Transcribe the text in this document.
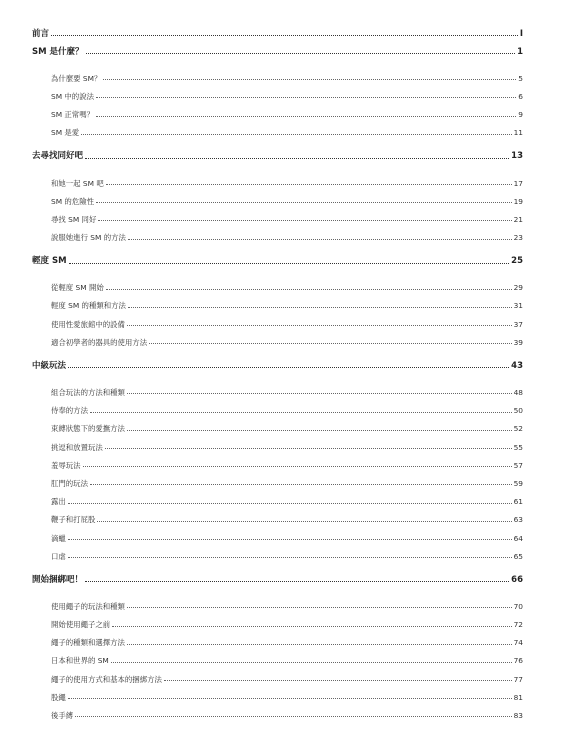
前言	I
SM 是什麼？	1
為什麼要 SM？	5
SM 中的說法	6
SM 正常嗎？	9
SM 是愛	11
去尋找同好吧	13
和她一起 SM 吧	17
SM 的危險性	19
尋找 SM 同好	21
說服她進行 SM 的方法	23
輕度 SM	25
從輕度 SM 開始	29
輕度 SM 的種類和方法	31
使用性愛旅館中的設備	37
適合初學者的器具的使用方法	39
中級玩法	43
組合玩法的方法和種類	48
侍奉的方法	50
束縛狀態下的愛撫方法	52
挑逗和放置玩法	55
羞辱玩法	57
肛門的玩法	59
露出	61
鞭子和打屁股	63
滴蠟	64
口虐	65
開始捆綁吧！	66
使用繩子的玩法和種類	70
開始使用繩子之前	72
繩子的種類和選擇方法	74
日本和世界的 SM	76
繩子的使用方式和基本的捆綁方法	77
股繩	81
後手縛	83
